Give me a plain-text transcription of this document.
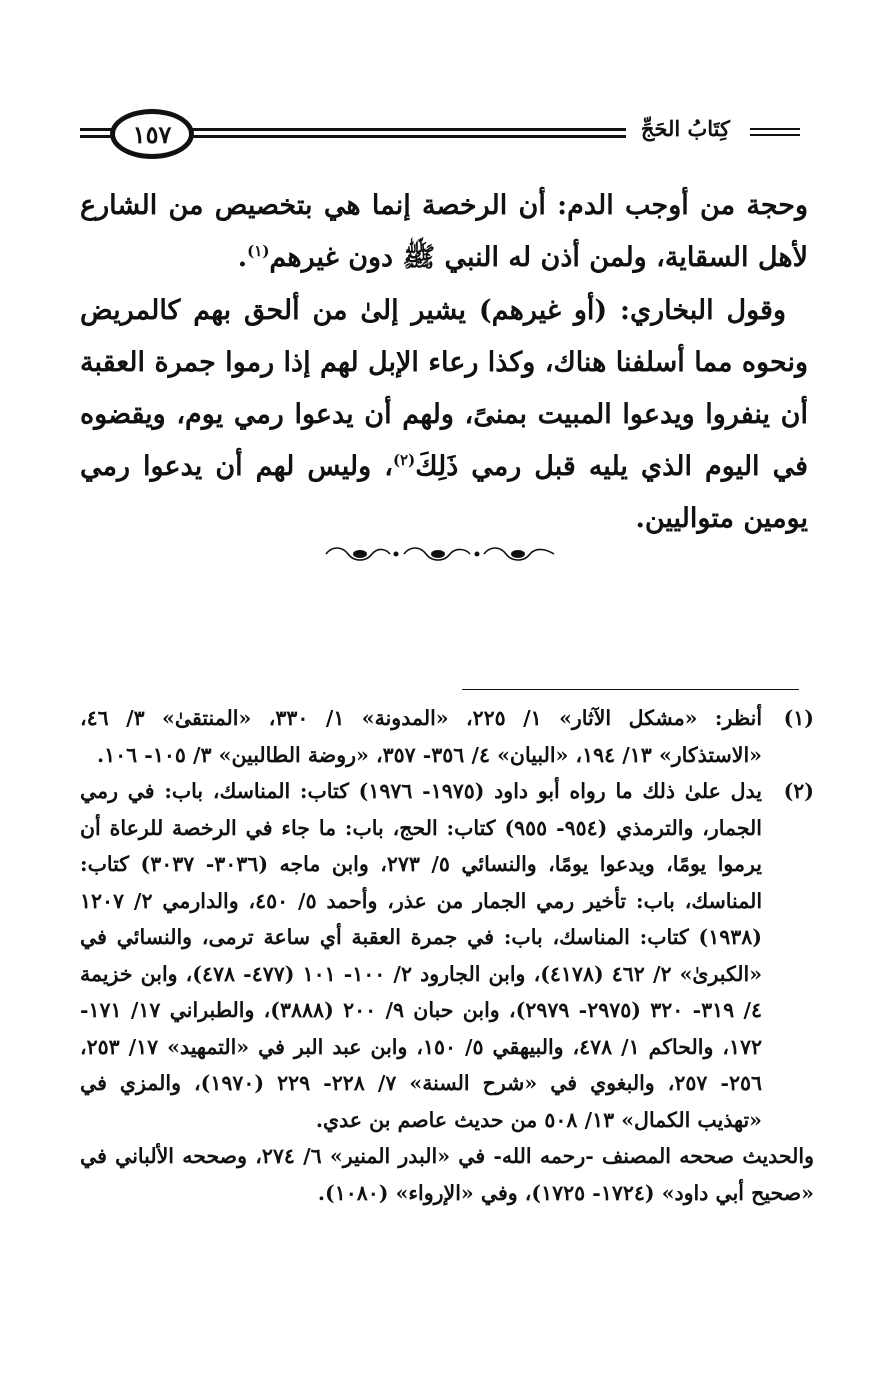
كِتَابُ الحَجِّ
١٥٧

وحجة من أوجب الدم: أن الرخصة إنما هي بتخصيص من الشارع لأهل السقاية، ولمن أذن له النبي ﷺ دون غيرهم$^{(١)}$.

وقول البخاري: (أو غيرهم) يشير إلىٰ من ألحق بهم كالمريض ونحوه مما أسلفنا هناك، وكذا رعاء الإبل لهم إذا رموا جمرة العقبة أن ينفروا ويدعوا المبيت بمنىً، ولهم أن يدعوا رمي يوم، ويقضوه في اليوم الذي يليه قبل رمي ذَلِكَ$^{(٢)}$، وليس لهم أن يدعوا رمي يومين متواليين.

(١)
أنظر: «مشكل الآثار» ١/ ٢٢٥، «المدونة» ١/ ٣٣٠، «المنتقىٰ» ٣/ ٤٦، «الاستذكار» ١٣/ ١٩٤، «البيان» ٤/ ٣٥٦- ٣٥٧، «روضة الطالبين» ٣/ ١٠٥- ١٠٦.

(٢)
يدل علىٰ ذلك ما رواه أبو داود (١٩٧٥- ١٩٧٦) كتاب: المناسك، باب: في رمي الجمار، والترمذي (٩٥٤- ٩٥٥) كتاب: الحج، باب: ما جاء في الرخصة للرعاة أن يرموا يومًا، ويدعوا يومًا، والنسائي ٥/ ٢٧٣، وابن ماجه (٣٠٣٦- ٣٠٣٧) كتاب: المناسك، باب: تأخير رمي الجمار من عذر، وأحمد ٥/ ٤٥٠، والدارمي ٢/ ١٢٠٧ (١٩٣٨) كتاب: المناسك، باب: في جمرة العقبة أي ساعة ترمى، والنسائي في «الكبرىٰ» ٢/ ٤٦٢ (٤١٧٨)، وابن الجارود ٢/ ١٠٠- ١٠١ (٤٧٧- ٤٧٨)، وابن خزيمة ٤/ ٣١٩- ٣٢٠ (٢٩٧٥- ٢٩٧٩)، وابن حبان ٩/ ٢٠٠ (٣٨٨٨)، والطبراني ١٧/ ١٧١- ١٧٢، والحاكم ١/ ٤٧٨، والبيهقي ٥/ ١٥٠، وابن عبد البر في «التمهيد» ١٧/ ٢٥٣، ٢٥٦- ٢٥٧، والبغوي في «شرح السنة» ٧/ ٢٢٨- ٢٢٩ (١٩٧٠)، والمزي في «تهذيب الكمال» ١٣/ ٥٠٨ من حديث عاصم بن عدي.

والحديث صححه المصنف -رحمه الله- في «البدر المنير» ٦/ ٢٧٤، وصححه الألباني في «صحيح أبي داود» (١٧٢٤- ١٧٢٥)، وفي «الإرواء» (١٠٨٠).
